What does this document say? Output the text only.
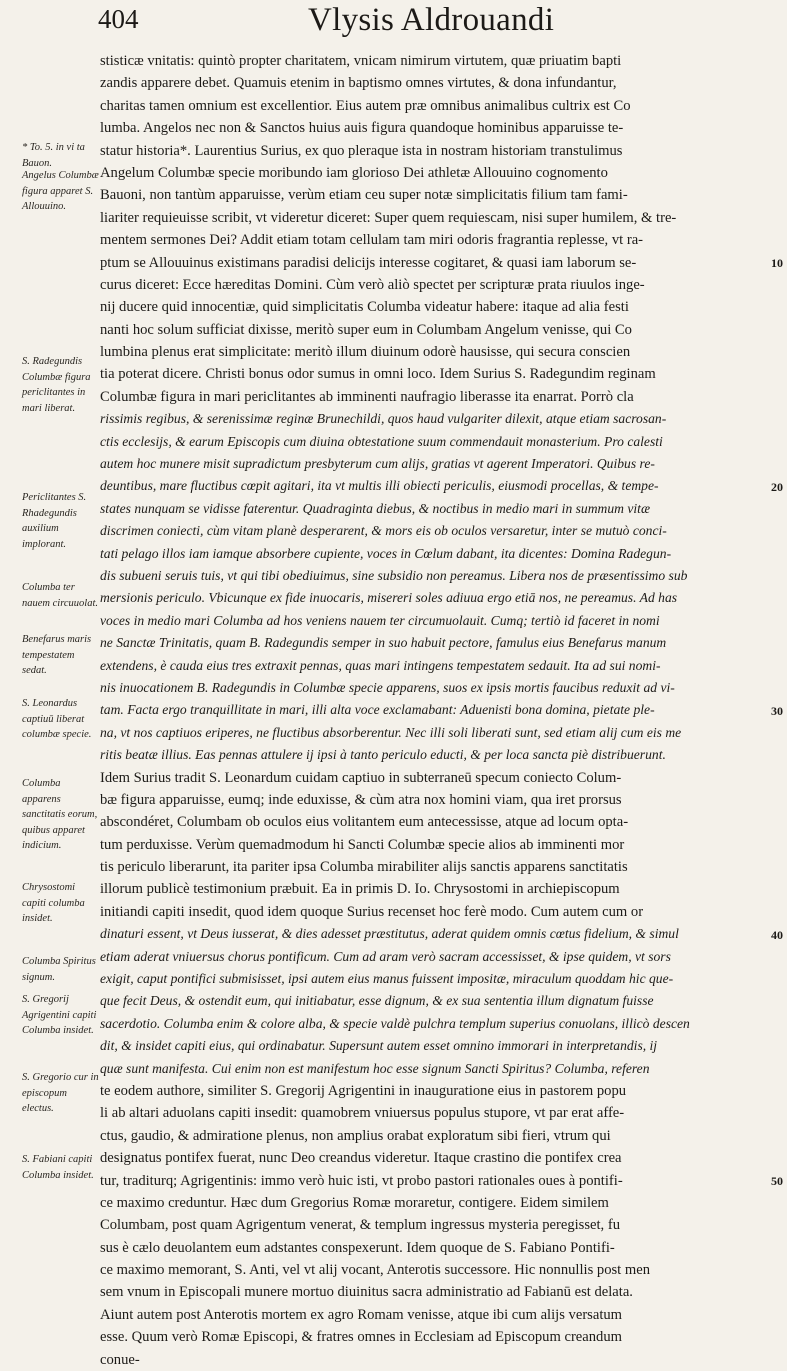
404	Vlysis Aldrouandi
* To. 5. in vi ta Bauon.
Angelus Columbæ figura apparet S. Allouuino.
S. Radegundis Columbæ figura periclitantes in mari liberat.
Periclitantes S. Rhadegundis auxilium implorant.
Columba ter nauem circuuolat.
Benefarus maris tempestatem sedat.
S. Leonardus captiuū liberat columbæ specie.
Columba apparens sanctitatis eorum, quibus apparet indicium.
Chrysostomi capiti columba insidet.
Columba Spiritus signum.
S. Gregorij Agrigentini capiti Columba insidet.
S. Gregorio cur in episcopum electus.
S. Fabiani capiti Columba insidet.
stisticæ vnitatis: quintò propter charitatem, vnicam nimirum virtutem, quæ priuatim bapti
zandis apparere debet. Quamuis etenim in baptismo omnes virtutes, & dona infundantur,
charitas tamen omnium est excellentior. Eius autem præ omnibus animalibus cultrix est Co
lumba. Angelos nec non & Sanctos huius auis figura quandoque hominibus apparuisse te-
statur historia*. Laurentius Surius, ex quo pleraque ista in nostram historiam transtulimus
Angelum Columbæ specie moribundo iam glorioso Dei athletæ Allouuino cognomento
Bauoni, non tantùm apparuisse, verùm etiam ceu super notæ simplicitatis filium tam fami-
liariter requieuisse scribit, vt videretur diceret: Super quem requiescam, nisi super humilem, & tre-
mentem sermones Dei? Addit etiam totam cellulam tam miri odoris fragrantia replesse, vt ra-
ptum se Allouuinus existimans paradisi delicijs interesse cogitaret, & quasi iam laborum se-
curus diceret: Ecce hæreditas Domini. Cùm verò aliò spectet per scripturæ prata riuulos inge-
nij ducere quid innocentiæ, quid simplicitatis Columba videatur habere: itaque ad alia festi
nanti hoc solum sufficiat dixisse, meritò super eum in Columbam Angelum venisse, qui Co
lumbina plenus erat simplicitate: meritò illum diuinum odorè hausisse, qui secura conscien
tia poterat dicere. Christi bonus odor sumus in omni loco. Idem Surius S. Radegundim reginam
Columbæ figura in mari periclitantes ab imminenti naufragio liberasse ita enarrat. Porrò cla
rissimis regibus, & serenissimæ reginæ Brunechildi, quos haud vulgariter dilexit, atque etiam sacrosan-
ctis ecclesijs, & earum Episcopis cum diuina obtestatione suum commendauit monasterium. Pro calesti
autem hoc munere misit supradictum presbyterum cum alijs, gratias vt agerent Imperatori. Quibus re-
deuntibus, mare fluctibus cœpit agitari, ita vt multis illi obiecti periculis, eiusmodi procellas, & tempe-
states nunquam se vidisse faterentur. Quadraginta diebus, & noctibus in medio mari in summum vitæ
discrimen coniecti, cùm vitam planè desperarent, & mors eis ob oculos versaretur, inter se mutuò conci-
tati pelago illos iam iamque absorbere cupiente, voces in Cœlum dabant, ita dicentes: Domina Radegun-
dis subueni seruis tuis, vt qui tibi obediuimus, sine subsidio non pereamus. Libera nos de præsentissimo sub
mersionis periculo. Vbicunque ex fide inuocaris, misereri soles adiuua ergo etiā nos, ne pereamus. Ad has
voces in medio mari Columba ad hos veniens nauem ter circumuolauit. Cumq; tertiò id faceret in nomi
ne Sanctæ Trinitatis, quam B. Radegundis semper in suo habuit pectore, famulus eius Benefarus manum
extendens, è cauda eius tres extraxit pennas, quas mari intingens tempestatem sedauit. Ita ad sui nomi-
nis inuocationem B. Radegundis in Columbæ specie apparens, suos ex ipsis mortis faucibus reduxit ad vi-
tam. Facta ergo tranquillitate in mari, illi alta voce exclamabant: Aduenisti bona domina, pietate ple-
na, vt nos captiuos eriperes, ne fluctibus absorberentur. Nec illi soli liberati sunt, sed etiam alij cum eis me
ritis beatæ illius. Eas pennas attulere ij ipsi à tanto periculo educti, & per loca sancta piè distribuerunt.
Idem Surius tradit S. Leonardum cuidam captiuo in subterraneū specum coniecto Colum-
bæ figura apparuisse, eumq; inde eduxisse, & cùm atra nox homini viam, qua iret prorsus
abscondéret, Columbam ob oculos eius volitantem eum antecessisse, atque ad locum opta-
tum perduxisse. Verùm quemadmodum hi Sancti Columbæ specie alios ab imminenti mor
tis periculo liberarunt, ita pariter ipsa Columba mirabiliter alijs sanctis apparens sanctitatis
illorum publicè testimonium præbuit. Ea in primis D. Io. Chrysostomi in archiepiscopum
initiandi capiti insedit, quod idem quoque Surius recenset hoc ferè modo. Cum autem cum or
dinaturi essent, vt Deus iusserat, & dies adesset præstitutus, aderat quidem omnis cœtus fidelium, & simul
etiam aderat vniuersus chorus pontificum. Cum ad aram verò sacram accessisset, & ipse quidem, vt sors
exigit, caput pontifici submisisset, ipsi autem eius manus fuissent impositæ, miraculum quoddam hic que-
que fecit Deus, & ostendit eum, qui initiabatur, esse dignum, & ex sua sententia illum dignatum fuisse
sacerdotio. Columba enim & colore alba, & specie valdè pulchra templum superius conuolans, illicò descen
dit, & insidet capiti eius, qui ordinabatur. Supersunt autem esset omnino immorari in interpretandis, ij
quæ sunt manifesta. Cui enim non est manifestum hoc esse signum Sancti Spiritus? Columba, referen
te eodem authore, similiter S. Gregorij Agrigentini in inauguratione eius in pastorem popu
li ab altari aduolans capiti insedit: quamobrem vniuersus populus stupore, vt par erat affe-
ctus, gaudio, & admiratione plenus, non amplius orabat exploratum sibi fieri, vtrum qui
designatus pontifex fuerat, nunc Deo creandus videretur. Itaque crastino die pontifex crea
tur, traditurq; Agrigentinis: immo verò huic isti, vt probo pastori rationales oues à pontifi-
ce maximo creduntur. Hæc dum Gregorius Romæ moraretur, contigere. Eidem similem
Columbam, post quam Agrigentum venerat, & templum ingressus mysteria peregisset, fu
sus è cælo deuolantem eum adstantes conspexerunt. Idem quoque de S. Fabiano Pontifi-
ce maximo memorant, S. Anti, vel vt alij vocant, Anterotis successore. Hic nonnullis post men
sem vnum in Episcopali munere mortuo diuinitus sacra administratio ad Fabianū est delata.
Aiunt autem post Anterotis mortem ex agro Romam venisse, atque ibi cum alijs versatum
esse. Quum verò Romæ Episcopi, & fratres omnes in Ecclesiam ad Episcopum creandum
conue-
10
20
30
40
50
